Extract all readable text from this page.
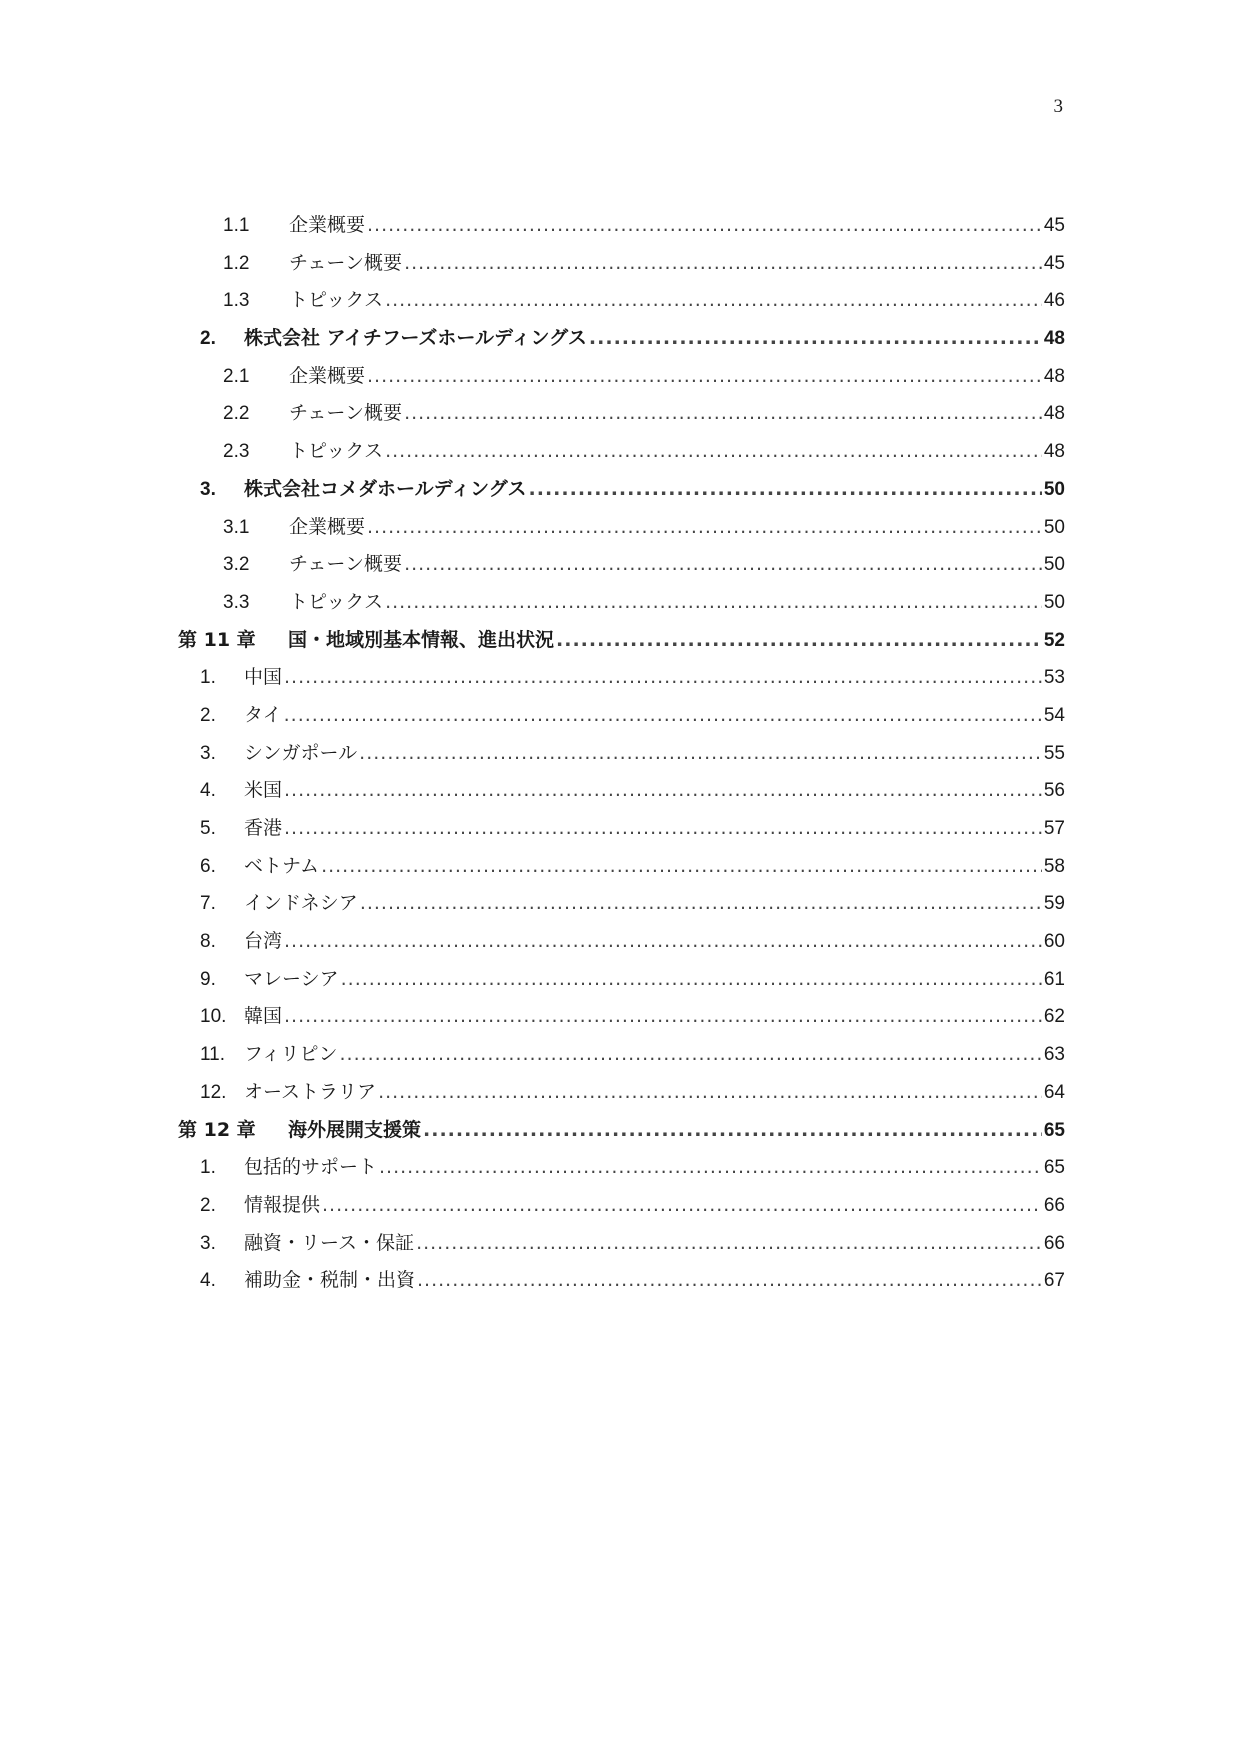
3
1.1	企業概要 .....	45
1.2	チェーン概要 .....	45
1.3	トピックス .....	46
2.	株式会社 アイチフーズホールディングス .....	48
2.1	企業概要 .....	48
2.2	チェーン概要 .....	48
2.3	トピックス .....	48
3.	株式会社コメダホールディングス .....	50
3.1	企業概要 .....	50
3.2	チェーン概要 .....	50
3.3	トピックス .....	50
第 11 章	国・地域別基本情報、進出状況 .....	52
1.	中国 .....	53
2.	タイ .....	54
3.	シンガポール .....	55
4.	米国 .....	56
5.	香港 .....	57
6.	ベトナム .....	58
7.	インドネシア .....	59
8.	台湾 .....	60
9.	マレーシア .....	61
10. 韓国 .....	62
11. フィリピン .....	63
12. オーストラリア .....	64
第 12 章	海外展開支援策 .....	65
1.	包括的サポート .....	65
2.	情報提供 .....	66
3.	融資・リース・保証 .....	66
4.	補助金・税制・出資 .....	67
